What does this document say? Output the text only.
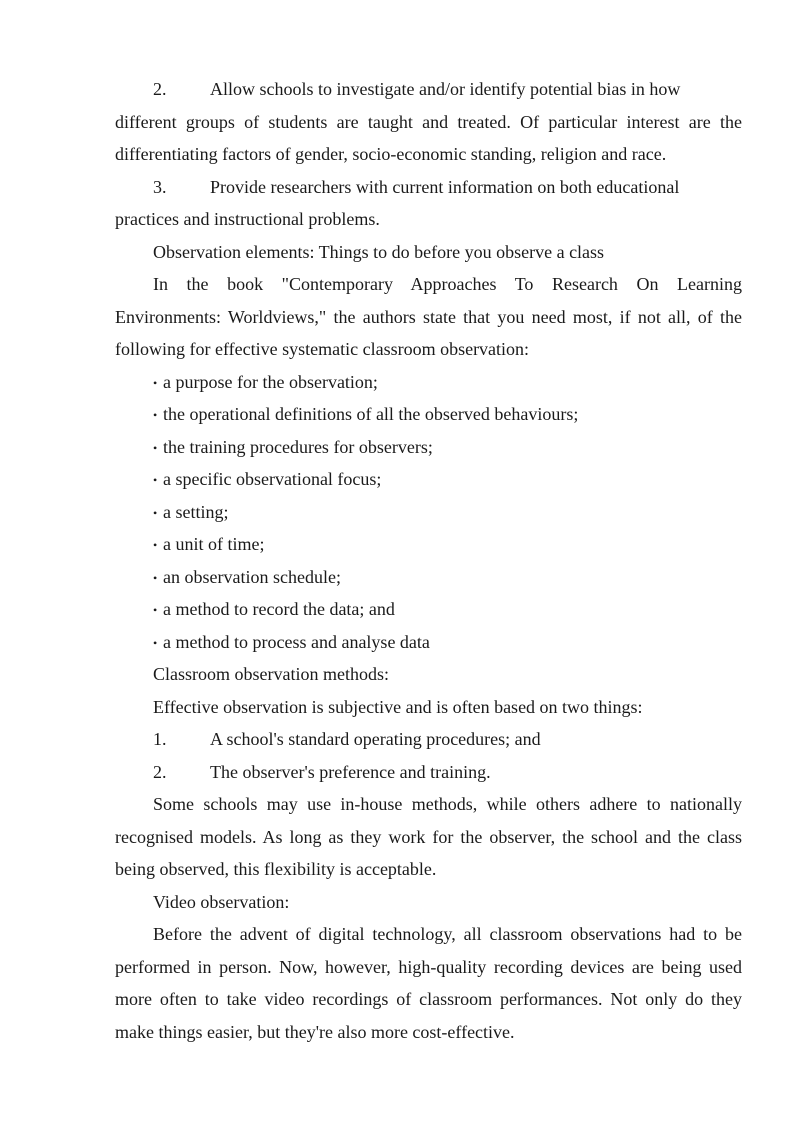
2. Allow schools to investigate and/or identify potential bias in how
different groups of students are taught and treated. Of particular interest are the
differentiating factors of gender, socio-economic standing, religion and race.
3. Provide researchers with current information on both educational
practices and instructional problems.
Observation elements: Things to do before you observe a class
In the book "Contemporary Approaches To Research On Learning
Environments: Worldviews," the authors state that you need most, if not all, of the
following for effective systematic classroom observation:
• a purpose for the observation;
• the operational definitions of all the observed behaviours;
• the training procedures for observers;
• a specific observational focus;
• a setting;
• a unit of time;
• an observation schedule;
• a method to record the data; and
• a method to process and analyse data
Classroom observation methods:
Effective observation is subjective and is often based on two things:
1. A school's standard operating procedures; and
2. The observer's preference and training.
Some schools may use in-house methods, while others adhere to nationally
recognised models. As long as they work for the observer, the school and the class
being observed, this flexibility is acceptable.
Video observation:
Before the advent of digital technology, all classroom observations had to be
performed in person. Now, however, high-quality recording devices are being used
more often to take video recordings of classroom performances. Not only do they
make things easier, but they're also more cost-effective.
